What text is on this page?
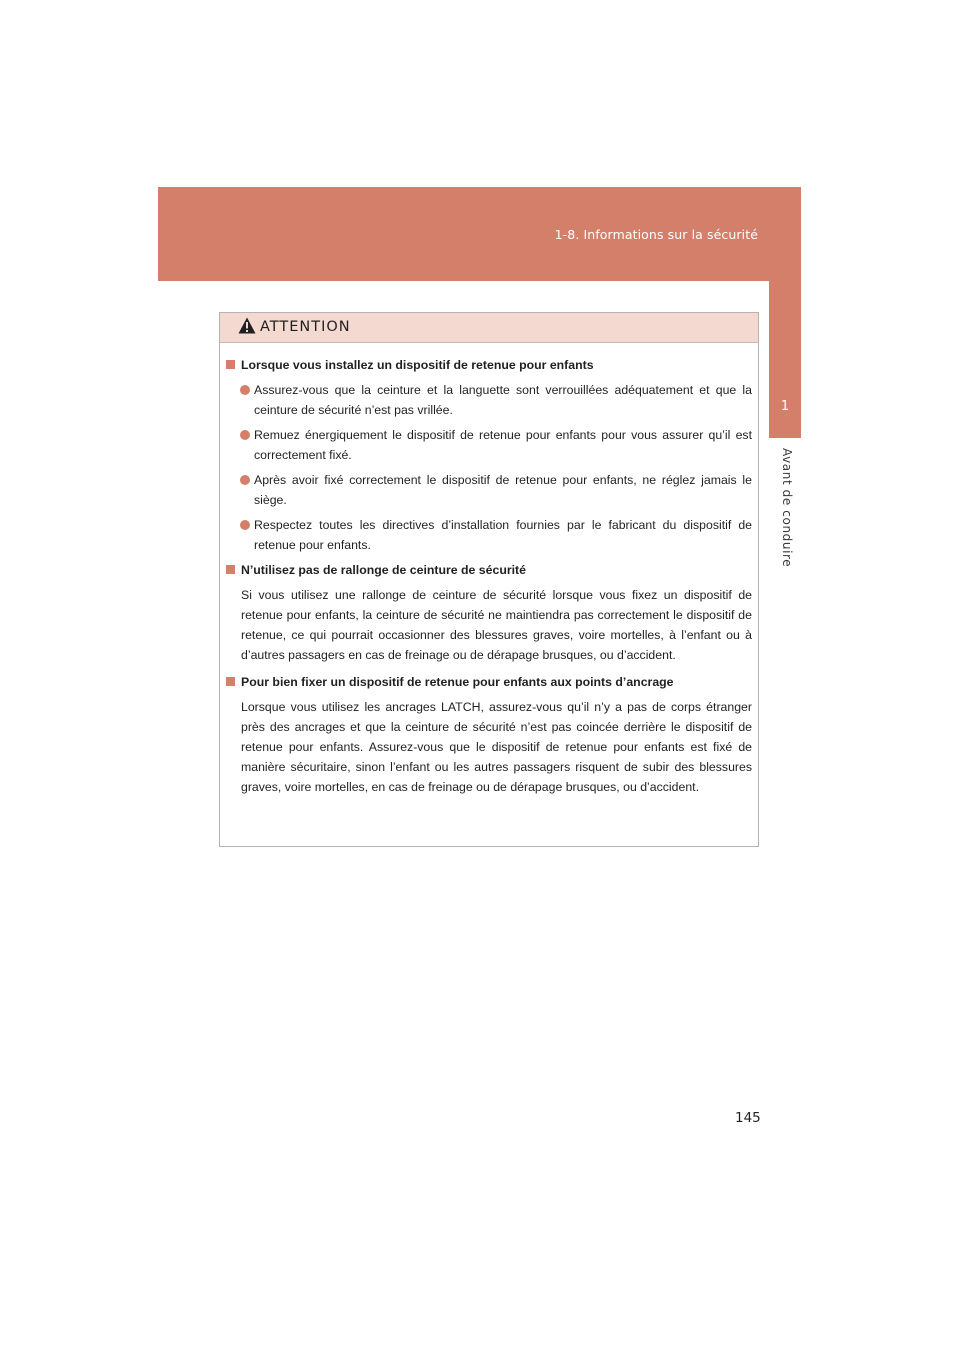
1-8. Informations sur la sécurité
1
Avant de conduire
ATTENTION
Lorsque vous installez un dispositif de retenue pour enfants
Assurez-vous que la ceinture et la languette sont verrouillées adéquatement et que la ceinture de sécurité n’est pas vrillée.
Remuez énergiquement le dispositif de retenue pour enfants pour vous assurer qu’il est correctement fixé.
Après avoir fixé correctement le dispositif de retenue pour enfants, ne réglez jamais le siège.
Respectez toutes les directives d’installation fournies par le fabricant du dispositif de retenue pour enfants.
N’utilisez pas de rallonge de ceinture de sécurité
Si vous utilisez une rallonge de ceinture de sécurité lorsque vous fixez un dispositif de retenue pour enfants, la ceinture de sécurité ne maintiendra pas correctement le dispositif de retenue, ce qui pourrait occasionner des blessures graves, voire mortelles, à l’enfant ou à d’autres passagers en cas de freinage ou de dérapage brusques, ou d’accident.
Pour bien fixer un dispositif de retenue pour enfants aux points d’ancrage
Lorsque vous utilisez les ancrages LATCH, assurez-vous qu’il n’y a pas de corps étranger près des ancrages et que la ceinture de sécurité n’est pas coincée derrière le dispositif de retenue pour enfants. Assurez-vous que le dispositif de retenue pour enfants est fixé de manière sécuritaire, sinon l’enfant ou les autres passagers risquent de subir des blessures graves, voire mortelles, en cas de freinage ou de dérapage brusques, ou d’accident.
145
